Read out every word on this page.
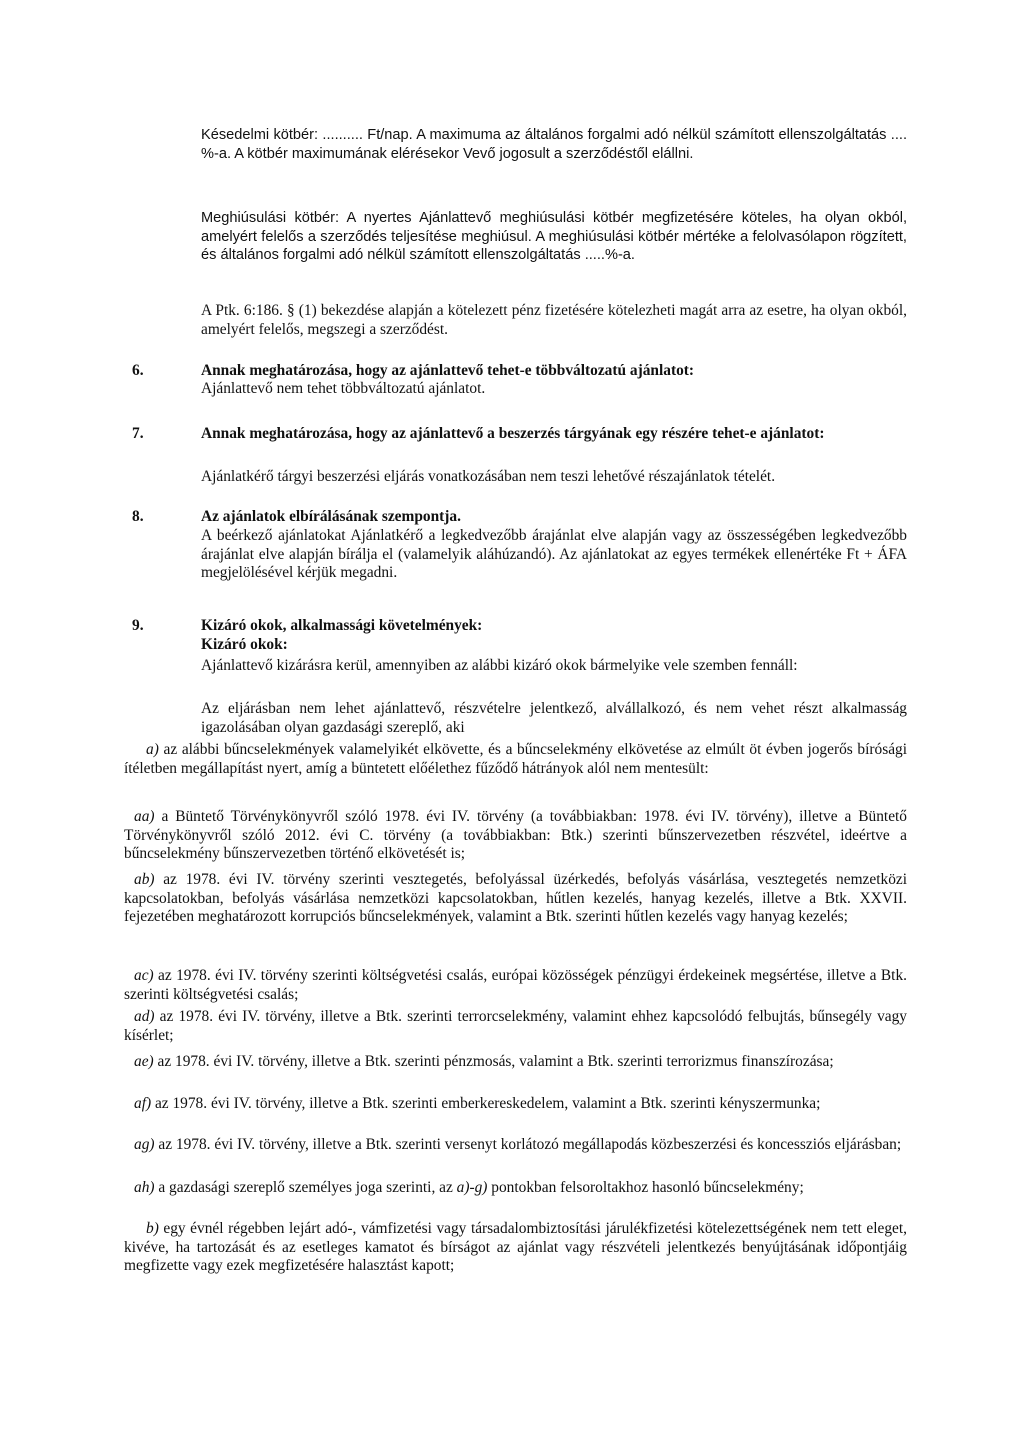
Késedelmi kötbér: .......... Ft/nap. A maximuma az általános forgalmi adó nélkül számított ellenszolgáltatás .... %-a. A kötbér maximumának elérésekor Vevő jogosult a szerződéstől elállni.

Meghiúsulási kötbér: A nyertes Ajánlattevő meghiúsulási kötbér megfizetésére köteles, ha olyan okból, amelyért felelős a szerződés teljesítése meghiúsul. A meghiúsulási kötbér mértéke a felolvasólapon rögzített, és általános forgalmi adó nélkül számított ellenszolgáltatás .....%-a.

A Ptk. 6:186. § (1) bekezdése alapján a kötelezett pénz fizetésére kötelezheti magát arra az esetre, ha olyan okból, amelyért felelős, megszegi a szerződést.

6.	Annak meghatározása, hogy az ajánlattevő tehet-e többváltozatú ajánlatot:

Ajánlattevő nem tehet többváltozatú ajánlatot.

7.	Annak meghatározása, hogy az ajánlattevő a beszerzés tárgyának egy részére tehet-e ajánlatot:

Ajánlatkérő tárgyi beszerzési eljárás vonatkozásában nem teszi lehetővé részajánlatok tételét.

8.	Az ajánlatok elbírálásának szempontja.

A beérkező ajánlatokat Ajánlatkérő a legkedvezőbb árajánlat elve alapján vagy az összességében legkedvezőbb árajánlat elve alapján bírálja el (valamelyik aláhúzandó). Az ajánlatokat az egyes termékek ellenértéke Ft + ÁFA megjelölésével kérjük megadni.

9.	Kizáró okok, alkalmassági követelmények:

Kizáró okok:

Ajánlattevő kizárásra kerül, amennyiben az alábbi kizáró okok bármelyike vele szemben fennáll:

Az eljárásban nem lehet ajánlattevő, részvételre jelentkező, alvállalkozó, és nem vehet részt alkalmasság igazolásában olyan gazdasági szereplő, aki

a) az alábbi bűncselekmények valamelyikét elkövette, és a bűncselekmény elkövetése az elmúlt öt évben jogerős bírósági ítéletben megállapítást nyert, amíg a büntetett előélethez fűződő hátrányok alól nem mentesült:

aa) a Büntető Törvénykönyvről szóló 1978. évi IV. törvény (a továbbiakban: 1978. évi IV. törvény), illetve a Büntető Törvénykönyvről szóló 2012. évi C. törvény (a továbbiakban: Btk.) szerinti bűnszervezetben részvétel, ideértve a bűncselekmény bűnszervezetben történő elkövetését is;

ab) az 1978. évi IV. törvény szerinti vesztegetés, befolyással üzérkedés, befolyás vásárlása, vesztegetés nemzetközi kapcsolatokban, befolyás vásárlása nemzetközi kapcsolatokban, hűtlen kezelés, hanyag kezelés, illetve a Btk. XXVII. fejezetében meghatározott korrupciós bűncselekmények, valamint a Btk. szerinti hűtlen kezelés vagy hanyag kezelés;

ac) az 1978. évi IV. törvény szerinti költségvetési csalás, európai közösségek pénzügyi érdekeinek megsértése, illetve a Btk. szerinti költségvetési csalás;

ad) az 1978. évi IV. törvény, illetve a Btk. szerinti terrorcselekmény, valamint ehhez kapcsolódó felbujtás, bűnsegély vagy kísérlet;

ae) az 1978. évi IV. törvény, illetve a Btk. szerinti pénzmosás, valamint a Btk. szerinti terrorizmus finanszírozása;

af) az 1978. évi IV. törvény, illetve a Btk. szerinti emberkereskedelem, valamint a Btk. szerinti kényszermunka;

ag) az 1978. évi IV. törvény, illetve a Btk. szerinti versenyt korlátozó megállapodás közbeszerzési és koncessziós eljárásban;

ah) a gazdasági szereplő személyes joga szerinti, az a)-g) pontokban felsoroltakhoz hasonló bűncselekmény;

b) egy évnél régebben lejárt adó-, vámfizetési vagy társadalombiztosítási járulékfizetési kötelezettségének nem tett eleget, kivéve, ha tartozását és az esetleges kamatot és bírságot az ajánlat vagy részvételi jelentkezés benyújtásának időpontjáig megfizette vagy ezek megfizetésére halasztást kapott;
